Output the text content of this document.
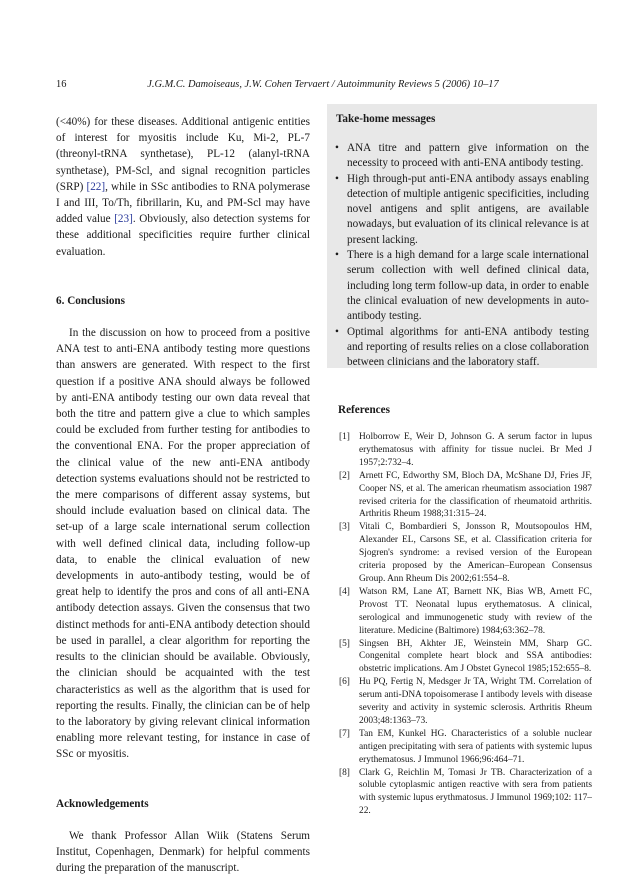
16	J.G.M.C. Damoiseaus, J.W. Cohen Tervaert / Autoimmunity Reviews 5 (2006) 10–17

(<40%) for these diseases. Additional antigenic entities of interest for myositis include Ku, Mi-2, PL-7 (threonyl-tRNA synthetase), PL-12 (alanyl-tRNA synthetase), PM-Scl, and signal recognition particles (SRP) [22], while in SSc antibodies to RNA polymerase I and III, To/Th, fibrillarin, Ku, and PM-Scl may have added value [23]. Obviously, also detection systems for these additional specificities require further clinical evaluation.

6. Conclusions

In the discussion on how to proceed from a positive ANA test to anti-ENA antibody testing more questions than answers are generated. With respect to the first question if a positive ANA should always be followed by anti-ENA antibody testing our own data reveal that both the titre and pattern give a clue to which samples could be excluded from further testing for antibodies to the conventional ENA. For the proper appreciation of the clinical value of the new anti-ENA antibody detection systems evaluations should not be restricted to the mere comparisons of different assay systems, but should include evaluation based on clinical data. The set-up of a large scale international serum collection with well defined clinical data, including follow-up data, to enable the clinical evaluation of new developments in auto-antibody testing, would be of great help to identify the pros and cons of all anti-ENA antibody detection assays. Given the consensus that two distinct methods for anti-ENA antibody detection should be used in parallel, a clear algorithm for reporting the results to the clinician should be available. Obviously, the clinician should be acquainted with the test characteristics as well as the algorithm that is used for reporting the results. Finally, the clinician can be of help to the laboratory by giving relevant clinical information enabling more relevant testing, for instance in case of SSc or myositis.

Acknowledgements

We thank Professor Allan Wiik (Statens Serum Institut, Copenhagen, Denmark) for helpful comments during the preparation of the manuscript.

Take-home messages
• ANA titre and pattern give information on the necessity to proceed with anti-ENA antibody testing.
• High through-put anti-ENA antibody assays enabling detection of multiple antigenic specificities, including novel antigens and split antigens, are available nowadays, but evaluation of its clinical relevance is at present lacking.
• There is a high demand for a large scale international serum collection with well defined clinical data, including long term follow-up data, in order to enable the clinical evaluation of new developments in auto-antibody testing.
• Optimal algorithms for anti-ENA antibody testing and reporting of results relies on a close collaboration between clinicians and the laboratory staff.
References
[1] Holborrow E, Weir D, Johnson G. A serum factor in lupus erythematosus with affinity for tissue nuclei. Br Med J 1957;2:732–4.
[2] Arnett FC, Edworthy SM, Bloch DA, McShane DJ, Fries JF, Cooper NS, et al. The american rheumatism association 1987 revised criteria for the classification of rheumatoid arthritis. Arthritis Rheum 1988;31:315–24.
[3] Vitali C, Bombardieri S, Jonsson R, Moutsopoulos HM, Alexander EL, Carsons SE, et al. Classification criteria for Sjogren's syndrome: a revised version of the European criteria proposed by the American–European Consensus Group. Ann Rheum Dis 2002;61:554–8.
[4] Watson RM, Lane AT, Barnett NK, Bias WB, Arnett FC, Provost TT. Neonatal lupus erythematosus. A clinical, serological and immunogenetic study with review of the literature. Medicine (Baltimore) 1984;63:362–78.
[5] Singsen BH, Akhter JE, Weinstein MM, Sharp GC. Congenital complete heart block and SSA antibodies: obstetric implications. Am J Obstet Gynecol 1985;152:655–8.
[6] Hu PQ, Fertig N, Medsger Jr TA, Wright TM. Correlation of serum anti-DNA topoisomerase I antibody levels with disease severity and activity in systemic sclerosis. Arthritis Rheum 2003;48:1363–73.
[7] Tan EM, Kunkel HG. Characteristics of a soluble nuclear antigen precipitating with sera of patients with systemic lupus erythematosus. J Immunol 1966;96:464–71.
[8] Clark G, Reichlin M, Tomasi Jr TB. Characterization of a soluble cytoplasmic antigen reactive with sera from patients with systemic lupus erythmatosus. J Immunol 1969;102: 117–22.
